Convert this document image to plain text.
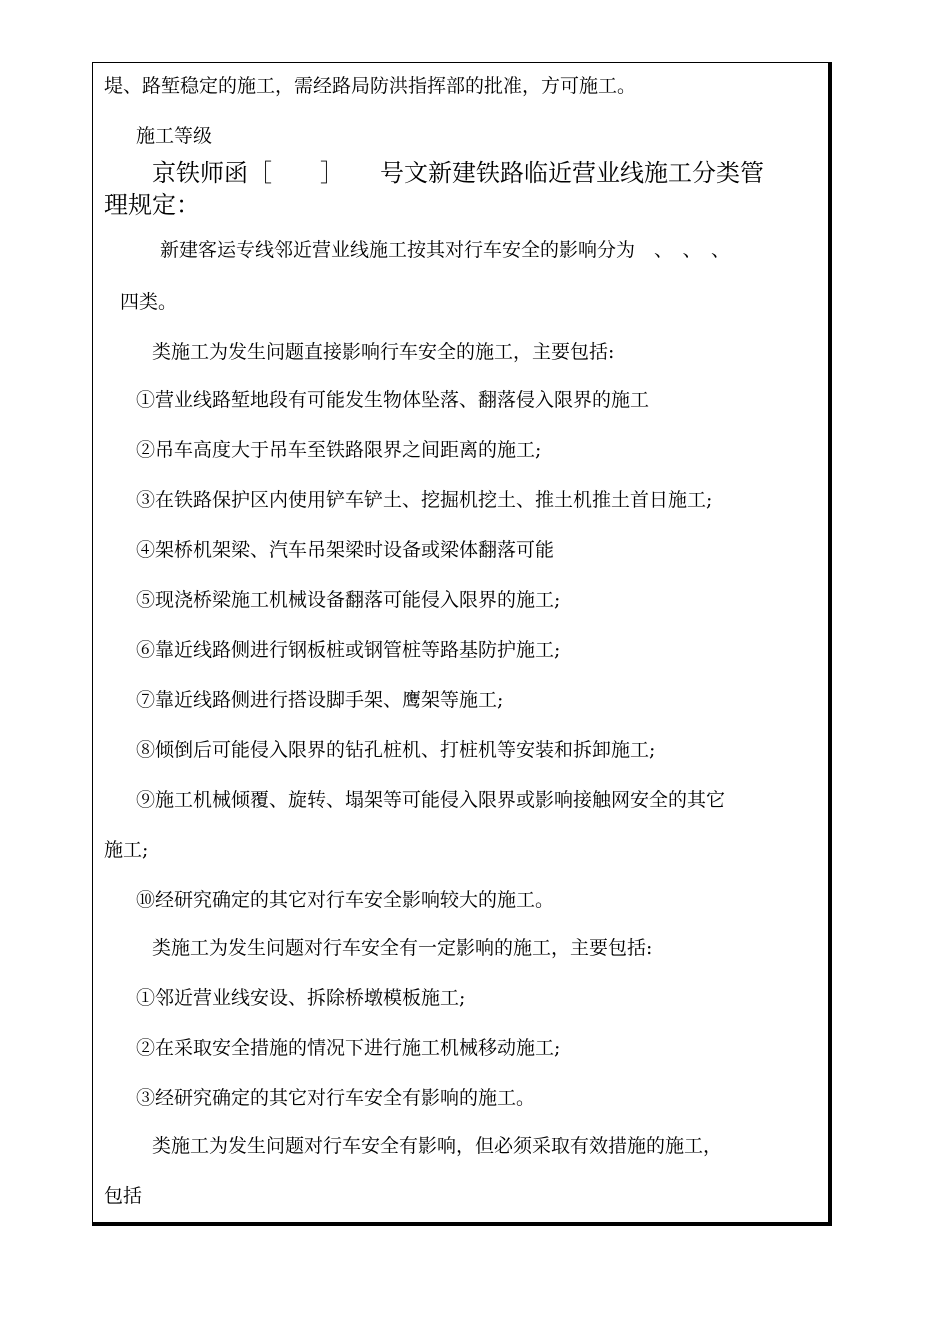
堤、路堑稳定的施工，需经路局防洪指挥部的批准，方可施工。
施工等级
京铁师函［　　］　　号文新建铁路临近营业线施工分类管
理规定：
新建客运专线邻近营业线施工按其对行车安全的影响分为　、　、　、
四类。
类施工为发生问题直接影响行车安全的施工，主要包括:
①营业线路堑地段有可能发生物体坠落、翻落侵入限界的施工
②吊车高度大于吊车至铁路限界之间距离的施工;
③在铁路保护区内使用铲车铲土、挖掘机挖土、推土机推土首日施工;
④架桥机架梁、汽车吊架梁时设备或梁体翻落可能
⑤现浇桥梁施工机械设备翻落可能侵入限界的施工;
⑥靠近线路侧进行钢板桩或钢管桩等路基防护施工;
⑦靠近线路侧进行搭设脚手架、鹰架等施工;
⑧倾倒后可能侵入限界的钻孔桩机、打桩机等安装和拆卸施工;
⑨施工机械倾覆、旋转、塌架等可能侵入限界或影响接触网安全的其它
施工;
⑩经研究确定的其它对行车安全影响较大的施工。
类施工为发生问题对行车安全有一定影响的施工，主要包括:
①邻近营业线安设、拆除桥墩模板施工;
②在采取安全措施的情况下进行施工机械移动施工;
③经研究确定的其它对行车安全有影响的施工。
类施工为发生问题对行车安全有影响，但必须采取有效措施的施工，
包括
